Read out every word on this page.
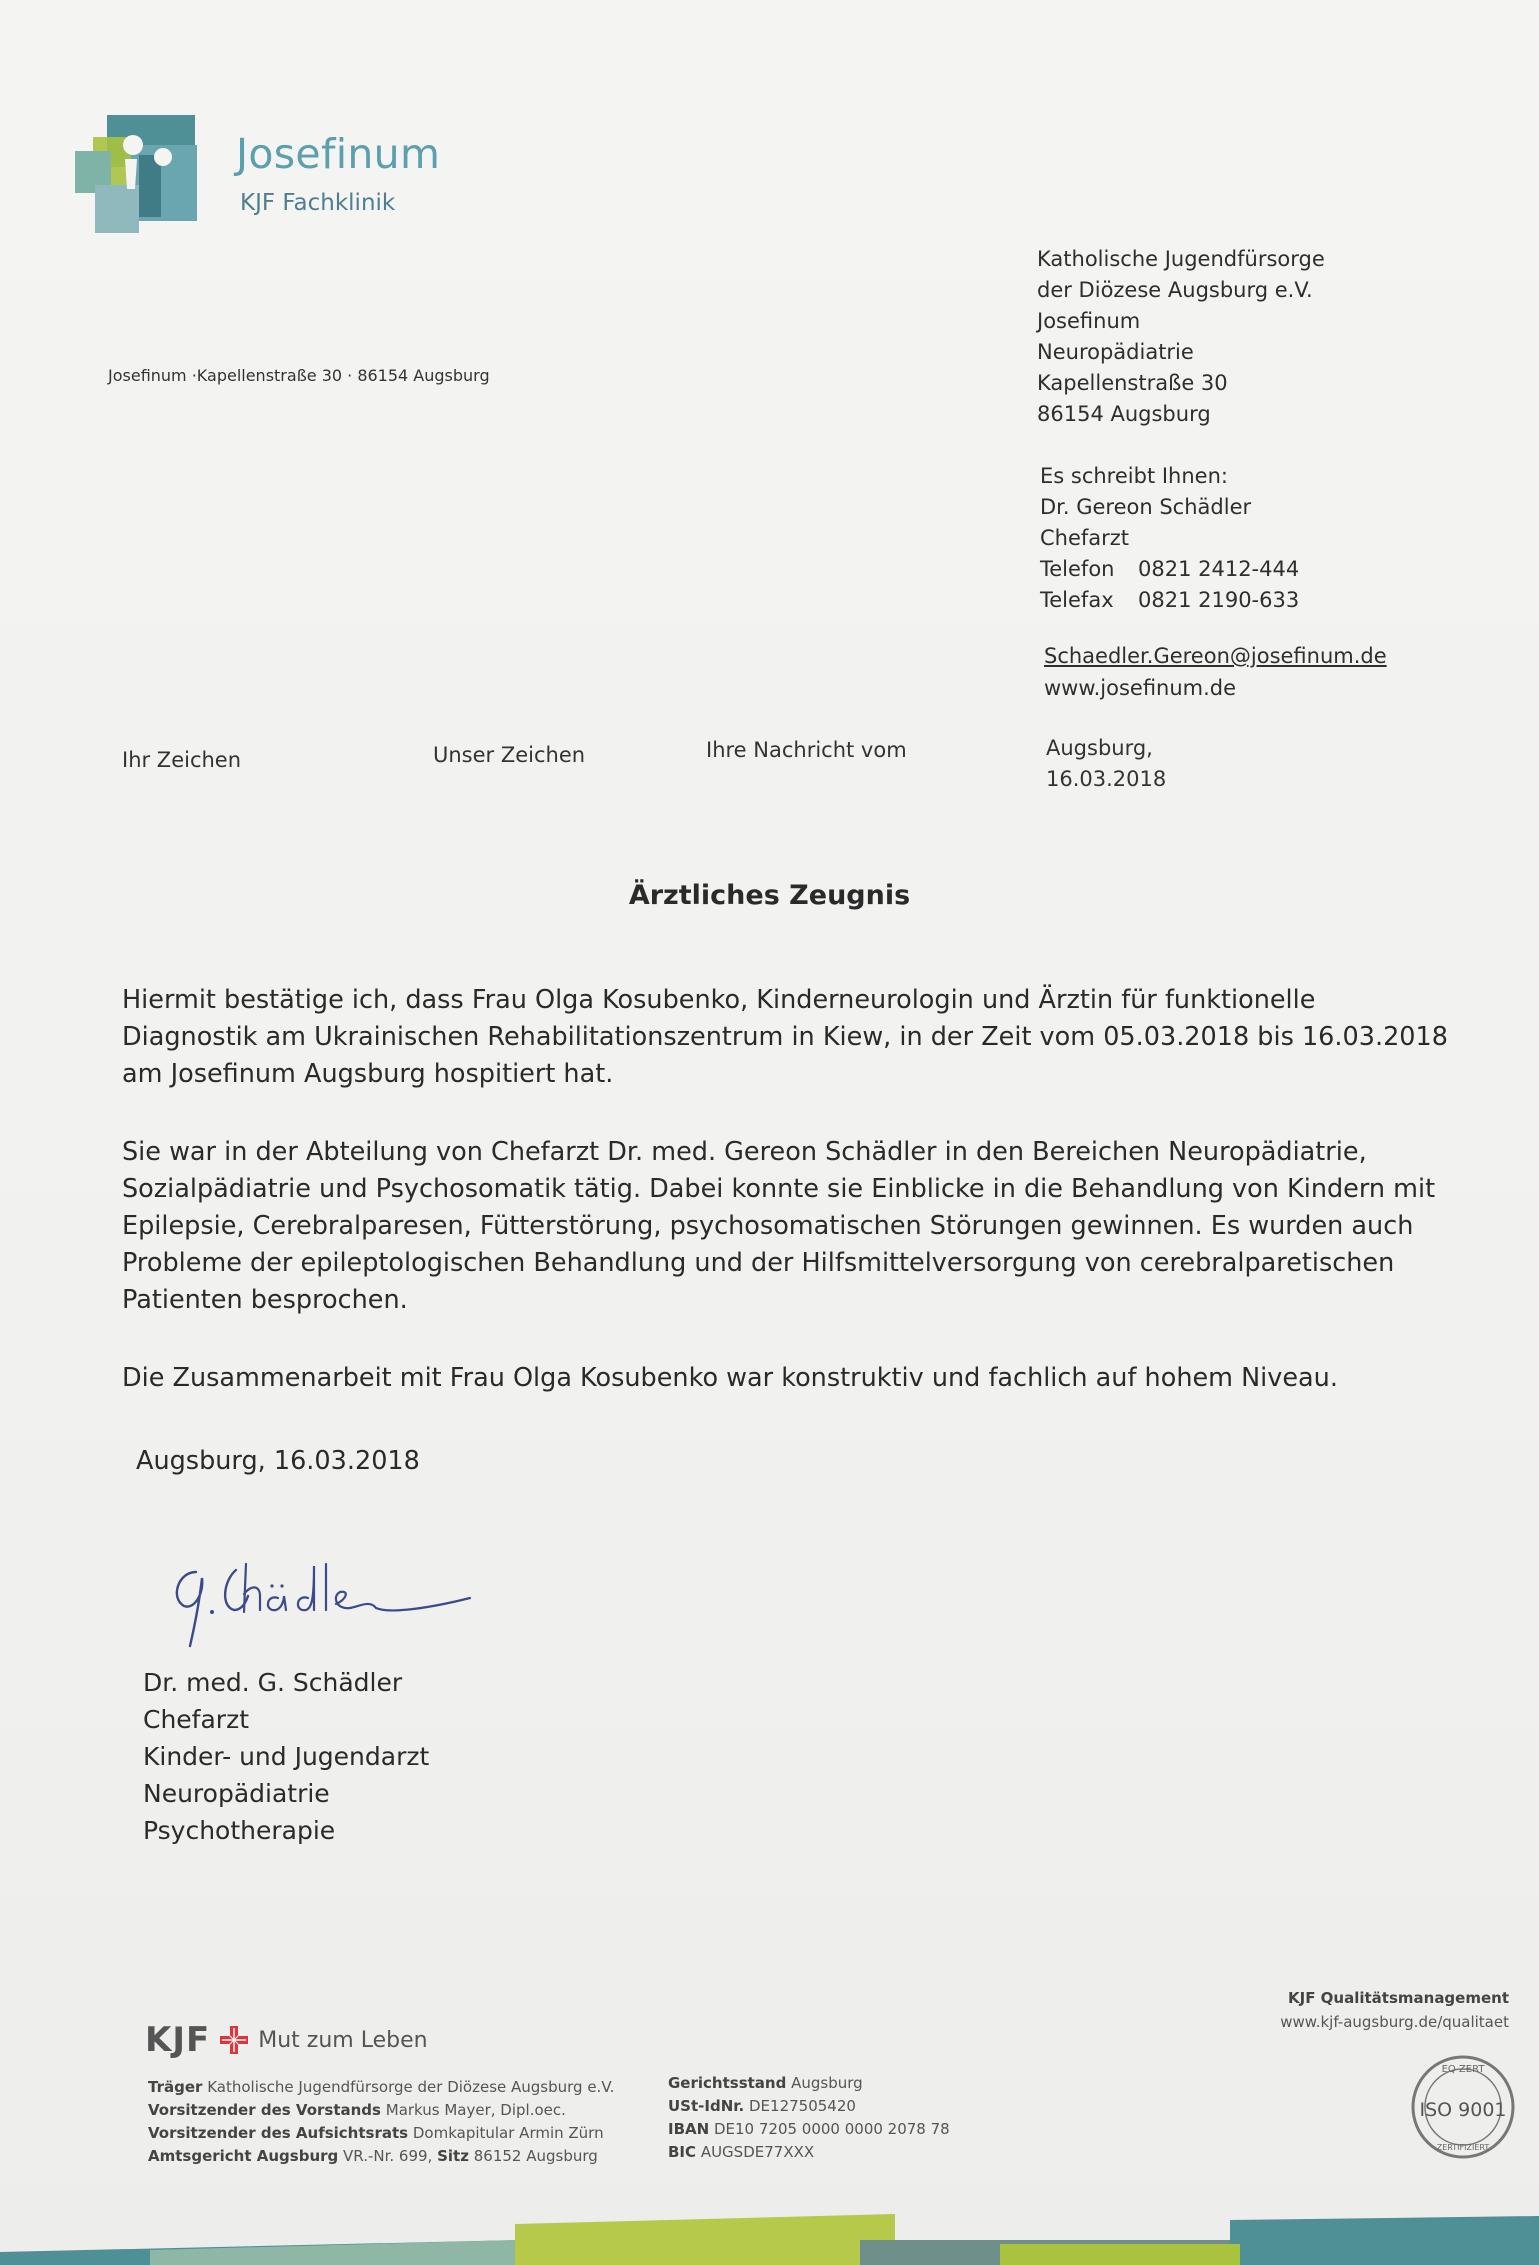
Josefinum
KJF Fachklinik
Josefinum ·Kapellenstraße 30 · 86154 Augsburg
Katholische Jugendfürsorge
der Diözese Augsburg e.V.
Josefinum
Neuropädiatrie
Kapellenstraße 30
86154 Augsburg
Es schreibt Ihnen:
Dr. Gereon Schädler
Chefarzt
Telefon	0821 2412-444
Telefax	0821 2190-633
Schaedler.Gereon@josefinum.de
www.josefinum.de
Ihr Zeichen	Unser Zeichen	Ihre Nachricht vom	Augsburg,
16.03.2018
Ärztliches Zeugnis
Hiermit bestätige ich, dass Frau Olga Kosubenko, Kinderneurologin und Ärztin für funktionelle Diagnostik am Ukrainischen Rehabilitationszentrum in Kiew, in der Zeit vom 05.03.2018 bis 16.03.2018 am Josefinum Augsburg hospitiert hat.
Sie war in der Abteilung von Chefarzt Dr. med. Gereon Schädler in den Bereichen Neuropädiatrie, Sozialpädiatrie und Psychosomatik tätig. Dabei konnte sie Einblicke in die Behandlung von Kindern mit Epilepsie, Cerebralparesen, Fütterstörung, psychosomatischen Störungen gewinnen. Es wurden auch Probleme der epileptologischen Behandlung und der Hilfsmittelversorgung von cerebralparetischen Patienten besprochen.
Die Zusammenarbeit mit Frau Olga Kosubenko war konstruktiv und fachlich auf hohem Niveau.
Augsburg, 16.03.2018
Dr. med. G. Schädler
Chefarzt
Kinder- und Jugendarzt
Neuropädiatrie
Psychotherapie
KJF Mut zum Leben
Träger Katholische Jugendfürsorge der Diözese Augsburg e.V.
Vorsitzender des Vorstands Markus Mayer, Dipl.oec.
Vorsitzender des Aufsichtsrats Domkapitular Armin Zürn
Amtsgericht Augsburg VR.-Nr. 699, Sitz 86152 Augsburg
Gerichtsstand Augsburg
USt-IdNr. DE127505420
IBAN DE10 7205 0000 0000 2078 78
BIC AUGSDE77XXX
KJF Qualitätsmanagement
www.kjf-augsburg.de/qualitaet
EQ ZERT
ISO 9001
ZERTIFIZIERT
